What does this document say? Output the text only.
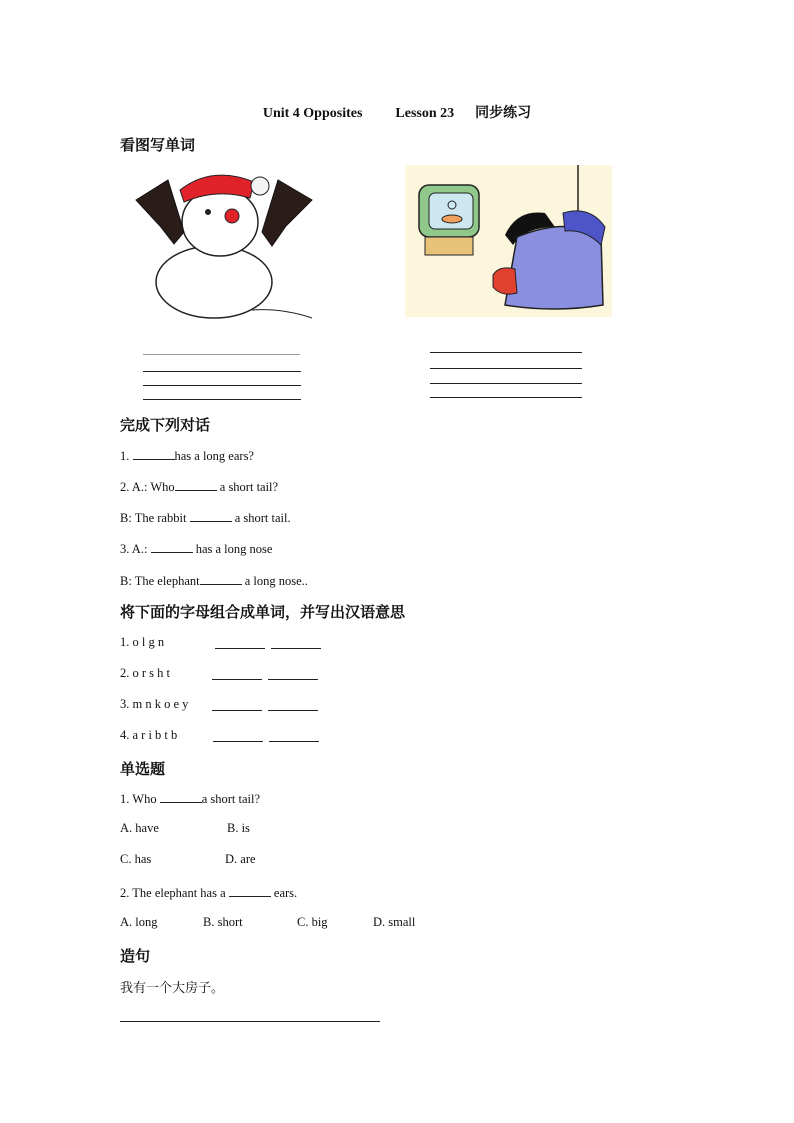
Unit 4 Opposites Lesson 23 同步练习
看图写单词
完成下列对话
1.	has a long ears?
2. A.: Who	a short tail?
B: The rabbit	a short tail.
3. A.:	has a long nose
B: The elephant	a long nose..
将下面的字母组合成单词，并写出汉语意思
1. o l g n
2. o r s h t
3. m n k o e y
4. a r i b t b
单选题
1. Who	a short tail?
A. have	B. is
C. has	D. are
2. The elephant has a	ears.
A. long	B. short	C. big	D. small
造句
我有一个大房子。
